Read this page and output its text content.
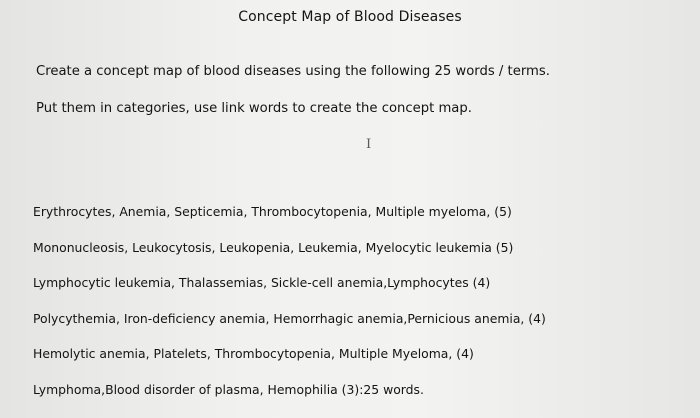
Concept Map of Blood Diseases
Create a concept map of blood diseases using the following 25 words / terms.
Put them in categories, use link words to create the concept map.
I
Erythrocytes, Anemia, Septicemia, Thrombocytopenia, Multiple myeloma, (5)
Mononucleosis, Leukocytosis, Leukopenia, Leukemia, Myelocytic leukemia (5)
Lymphocytic leukemia, Thalassemias, Sickle-cell anemia,Lymphocytes (4)
Polycythemia, Iron-deficiency anemia, Hemorrhagic anemia,Pernicious anemia, (4)
Hemolytic anemia, Platelets, Thrombocytopenia, Multiple Myeloma, (4)
Lymphoma,Blood disorder of plasma, Hemophilia (3):25 words.
